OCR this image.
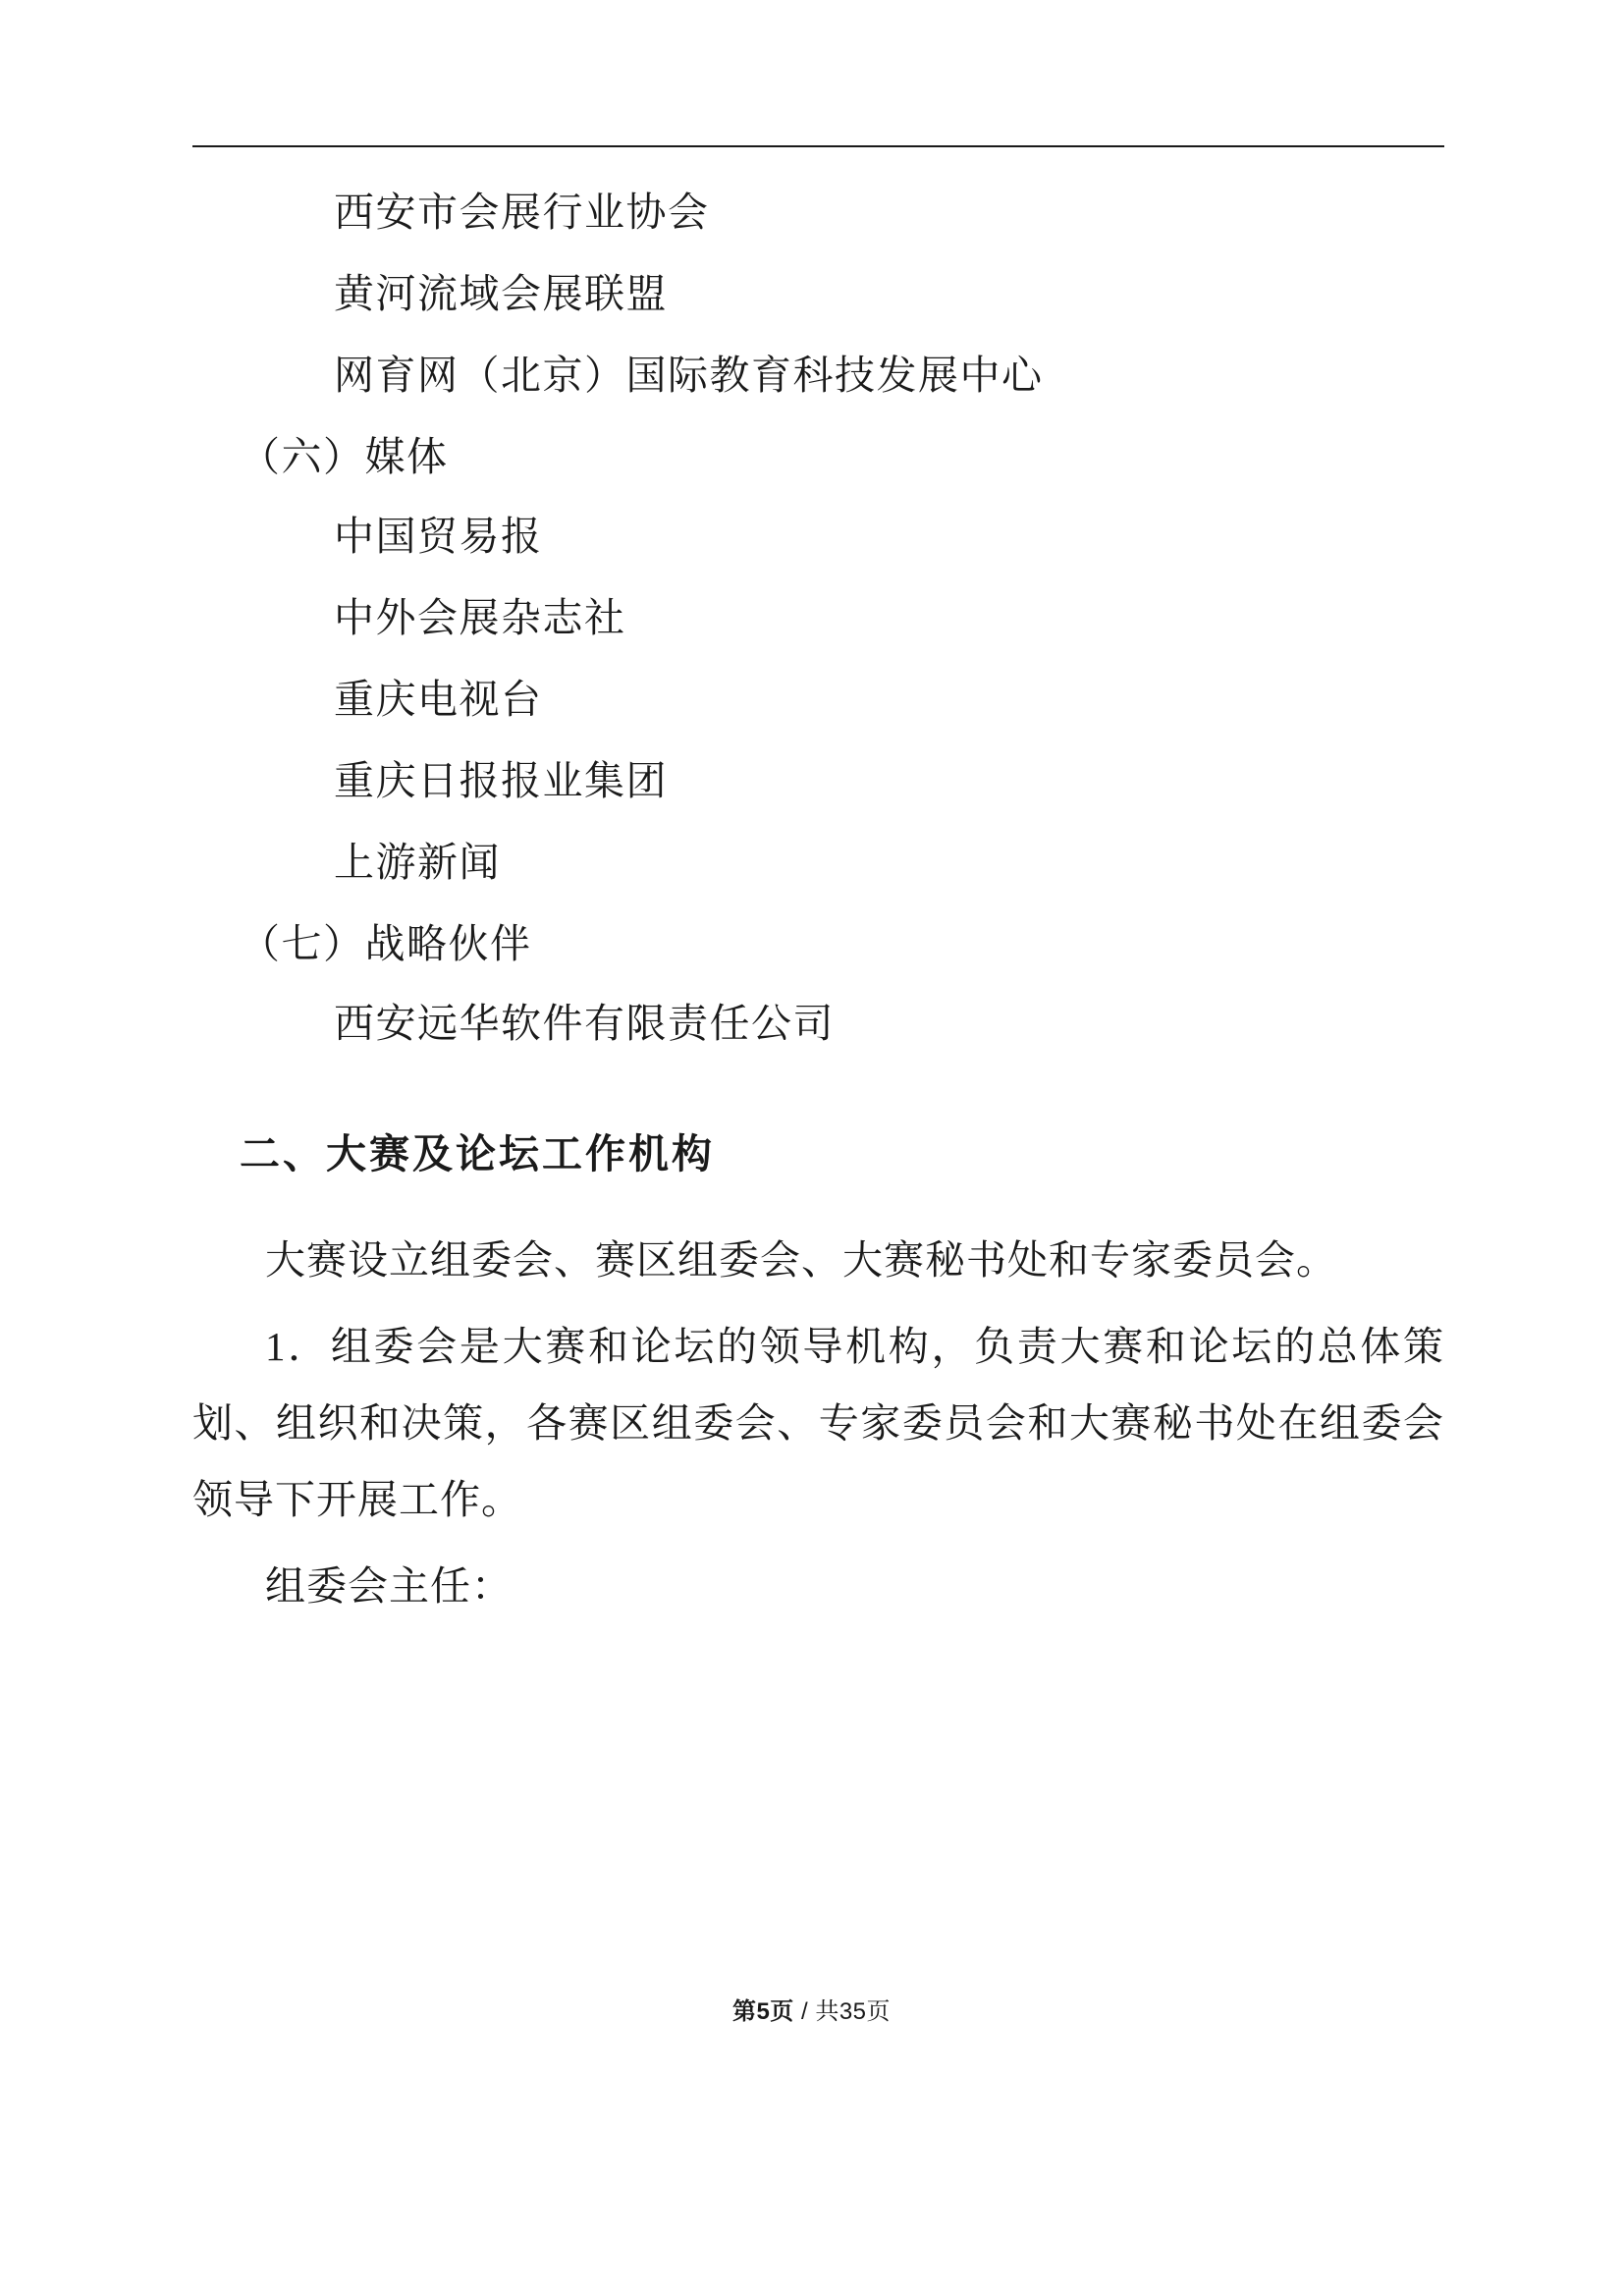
西安市会展行业协会
黄河流域会展联盟
网育网（北京）国际教育科技发展中心
（六）媒体
中国贸易报
中外会展杂志社
重庆电视台
重庆日报报业集团
上游新闻
（七）战略伙伴
西安远华软件有限责任公司
二、大赛及论坛工作机构
大赛设立组委会、赛区组委会、大赛秘书处和专家委员会。
1．组委会是大赛和论坛的领导机构，负责大赛和论坛的总体策划、组织和决策，各赛区组委会、专家委员会和大赛秘书处在组委会领导下开展工作。
组委会主任：
第5页 / 共35页
